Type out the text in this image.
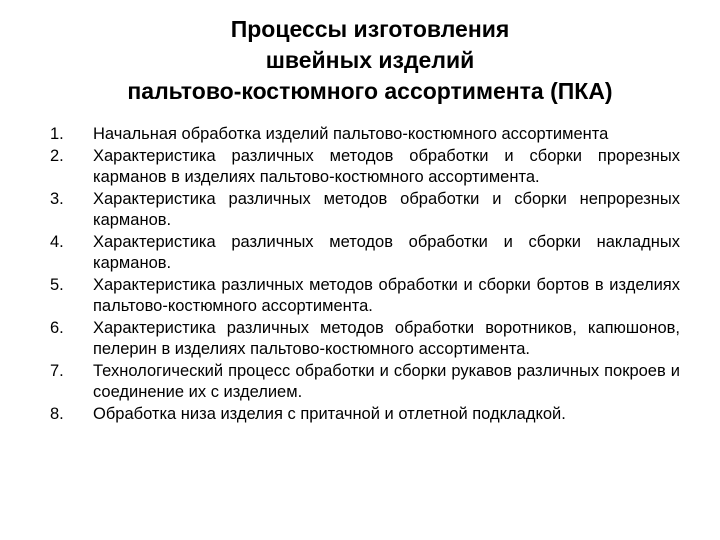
Процессы изготовления
швейных изделий
пальтово-костюмного ассортимента (ПКА)
1. Начальная обработка изделий пальтово-костюмного ассортимента
2. Характеристика различных методов обработки и сборки прорезных карманов в изделиях пальтово-костюмного ассортимента.
3. Характеристика различных методов обработки и сборки непрорезных карманов.
4. Характеристика различных методов обработки и сборки накладных карманов.
5. Характеристика различных методов обработки и сборки бортов в изделиях пальтово-костюмного ассортимента.
6. Характеристика различных методов обработки воротников, капюшонов, пелерин в изделиях пальтово-костюмного ассортимента.
7. Технологический процесс обработки и сборки рукавов различных покроев и соединение их с изделием.
8. Обработка низа изделия с притачной и отлетной подкладкой.
